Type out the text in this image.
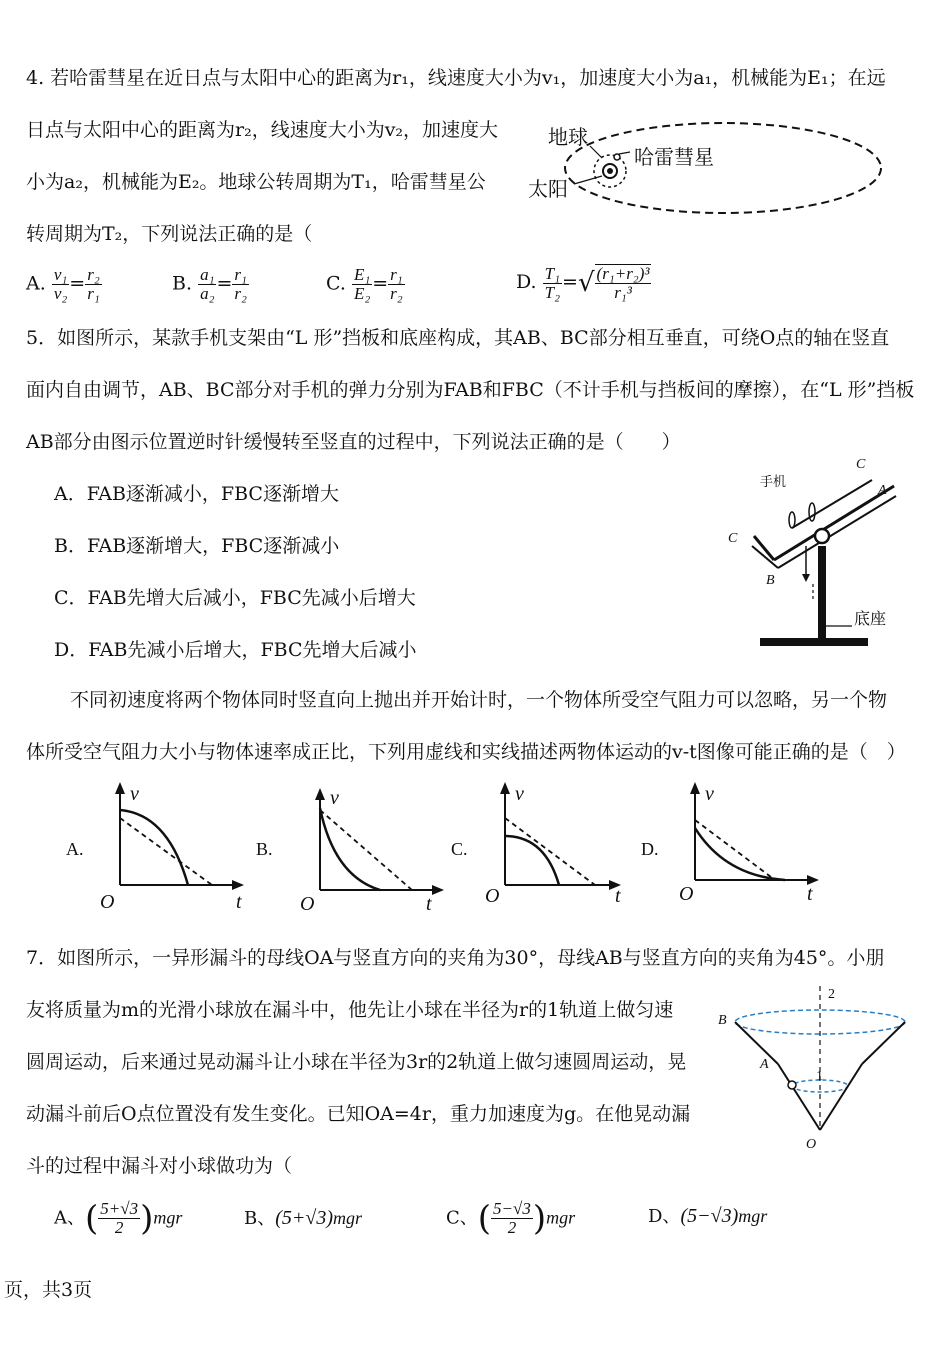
4. 若哈雷彗星在近日点与太阳中心的距离为r₁，线速度大小为v₁，加速度大小为a₁，机械能为E₁；在远
日点与太阳中心的距离为r₂，线速度大小为v₂，加速度大
小为a₂，机械能为E₂。地球公转周期为T₁，哈雷彗星公
转周期为T₂，下列说法正确的是（
地球
哈雷彗星
太阳
A. $\frac{\text{v₁}}{\text{v₂}} = \frac{\text{r₂}}{\text{r₁}}$	B. $\frac{\text{a₁}}{\text{a₂}} = \frac{\text{r₁}}{\text{r₂}}$	C. $\frac{\text{E₁}}{\text{E₂}} = \frac{\text{r₁}}{\text{r₂}}$	D. $\frac{\text{T₁}}{\text{T₂}}$ =√ $\frac{\text{(r₁+r₂)³}}{\text{r₁³}}$
5．如图所示，某款手机支架由“L 形”挡板和底座构成，其AB、BC部分相互垂直，可绕O点的轴在竖直
面内自由调节，AB、BC部分对手机的弹力分别为FAB和FBC（不计手机与挡板间的摩擦），在“L 形”挡板
AB部分由图示位置逆时针缓慢转至竖直的过程中，下列说法正确的是（　　）
A．FAB逐渐减小，FBC逐渐增大
B．FAB逐渐增大，FBC逐渐减小
C．FAB先增大后减小，FBC先减小后增大
D．FAB先减小后增大，FBC先增大后减小
手机
C
A
C
B
底座
不同初速度将两个物体同时竖直向上抛出并开始计时，一个物体所受空气阻力可以忽略，另一个物
体所受空气阻力大小与物体速率成正比，下列用虚线和实线描述两物体运动的v-t图像可能正确的是（　）
A.
v
t
O
B.
v
t
O
C.
v
t
O
D.
v
t
O
7．如图所示，一异形漏斗的母线OA与竖直方向的夹角为30°，母线AB与竖直方向的夹角为45°。小朋
友将质量为m的光滑小球放在漏斗中，他先让小球在半径为r的1轨道上做匀速
圆周运动，后来通过晃动漏斗让小球在半径为3r的2轨道上做匀速圆周运动，晃
动漏斗前后O点位置没有发生变化。已知OA=4r，重力加速度为g。在他晃动漏
斗的过程中漏斗对小球做功为（
2
B
A
1
O
A、( $\frac{5+√3}{2} )mgr$	B、(5+√3)mgr	C、( $\frac{5-√3}{2} )mgr$	D、(5−√3)mgr
页，共3页
